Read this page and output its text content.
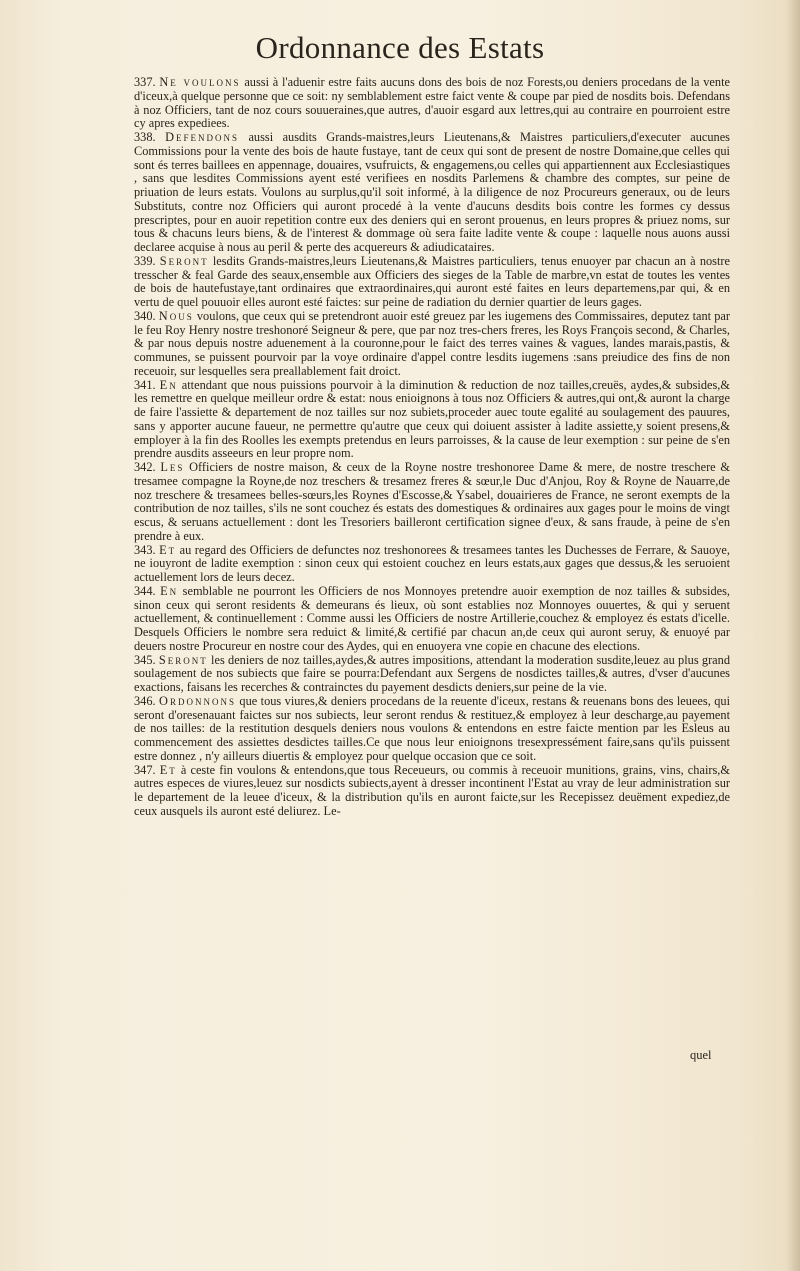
Ordonnance des Estats

337. Ne voulons aussi à l'aduenir estre faits aucuns dons des bois de noz Forests,ou deniers procedans de la vente d'iceux,à quelque personne que ce soit: ny semblablement estre faict vente & coupe par pied de nosdits bois. Defendans à noz Officiers, tant de noz cours souueraines,que autres, d'auoir esgard aux lettres,qui au contraire en pourroient estre cy apres expediees.

338. Defendons aussi ausdits Grands-maistres,leurs Lieutenans,& Maistres particuliers,d'executer aucunes Commissions pour la vente des bois de haute fustaye, tant de ceux qui sont de present de nostre Domaine,que celles qui sont és terres baillees en appennage, douaires, vsufruicts, & engagemens,ou celles qui appartiennent aux Ecclesiastiques , sans que lesdites Commissions ayent esté verifiees en nosdits Parlemens & chambre des comptes, sur peine de priuation de leurs estats. Voulons au surplus,qu'il soit informé, à la diligence de noz Procureurs generaux, ou de leurs Substituts, contre noz Officiers qui auront procedé à la vente d'aucuns desdits bois contre les formes cy dessus prescriptes, pour en auoir repetition contre eux des deniers qui en seront prouenus, en leurs propres & priuez noms, sur tous & chacuns leurs biens, & de l'interest & dommage où sera faite ladite vente & coupe : laquelle nous auons aussi declaree acquise à nous au peril & perte des acquereurs & adiudicataires.

339. Seront lesdits Grands-maistres,leurs Lieutenans,& Maistres particuliers, tenus enuoyer par chacun an à nostre tresscher & feal Garde des seaux,ensemble aux Officiers des sieges de la Table de marbre,vn estat de toutes les ventes de bois de hautefustaye,tant ordinaires que extraordinaires,qui auront esté faites en leurs departemens,par qui, & en vertu de quel pouuoir elles auront esté faictes: sur peine de radiation du dernier quartier de leurs gages.

340. Nous voulons, que ceux qui se pretendront auoir esté greuez par les iugemens des Commissaires, deputez tant par le feu Roy Henry nostre treshonoré Seigneur & pere, que par noz tres-chers freres, les Roys François second, & Charles, & par nous depuis nostre aduenement à la couronne,pour le faict des terres vaines & vagues, landes marais,pastis, & communes, se puissent pourvoir par la voye ordinaire d'appel contre lesdits iugemens :sans preiudice des fins de non receuoir, sur lesquelles sera preallablement fait droict.

341. En attendant que nous puissions pourvoir à la diminution & reduction de noz tailles,creuës, aydes,& subsides,& les remettre en quelque meilleur ordre & estat: nous enioignons à tous noz Officiers & autres,qui ont,& auront la charge de faire l'assiette & departement de noz tailles sur noz subiets,proceder auec toute egalité au soulagement des pauures, sans y apporter aucune faueur, ne permettre qu'autre que ceux qui doiuent assister à ladite assiette,y soient presens,& employer à la fin des Roolles les exempts pretendus en leurs parroisses, & la cause de leur exemption : sur peine de s'en prendre ausdits asseeurs en leur propre nom.

342. Les Officiers de nostre maison, & ceux de la Royne nostre treshonoree Dame & mere, de nostre treschere & tresamee compagne la Royne,de noz treschers & tresamez freres & sœur,le Duc d'Anjou, Roy & Royne de Nauarre,de noz treschere & tresamees belles-sœurs,les Roynes d'Escosse,& Ysabel, douairieres de France, ne seront exempts de la contribution de noz tailles, s'ils ne sont couchez és estats des domestiques & ordinaires aux gages pour le moins de vingt escus, & seruans actuellement : dont les Tresoriers bailleront certification signee d'eux, & sans fraude, à peine de s'en prendre à eux.

343. Et au regard des Officiers de defunctes noz treshonorees & tresamees tantes les Duchesses de Ferrare, & Sauoye, ne iouyront de ladite exemption : sinon ceux qui estoient couchez en leurs estats,aux gages que dessus,& les seruoient actuellement lors de leurs decez.

344. En semblable ne pourront les Officiers de nos Monnoyes pretendre auoir exemption de noz tailles & subsides, sinon ceux qui seront residents & demeurans és lieux, où sont establies noz Monnoyes ouuertes, & qui y seruent actuellement, & continuellement : Comme aussi les Officiers de nostre Artillerie,couchez & employez és estats d'icelle. Desquels Officiers le nombre sera reduict & limité,& certifié par chacun an,de ceux qui auront seruy, & enuoyé par deuers nostre Procureur en nostre cour des Aydes, qui en enuoyera vne copie en chacune des elections.

345. Seront les deniers de noz tailles,aydes,& autres impositions, attendant la moderation susdite,leuez au plus grand soulagement de nos subiects que faire se pourra:Defendant aux Sergens de nosdictes tailles,& autres, d'vser d'aucunes exactions, faisans les recerches & contrainctes du payement desdicts deniers,sur peine de la vie.

346. Ordonnons que tous viures,& deniers procedans de la reuente d'iceux, restans & reuenans bons des leuees, qui seront d'oresenauant faictes sur nos subiects, leur seront rendus & restituez,& employez à leur descharge,au payement de nos tailles: de la restitution desquels deniers nous voulons & entendons en estre faicte mention par les Esleus au commencement des assiettes desdictes tailles.Ce que nous leur enioignons tresexpressément faire,sans qu'ils puissent estre donnez , n'y ailleurs diuertis & employez pour quelque occasion que ce soit.

347. Et à ceste fin voulons & entendons,que tous Receueurs, ou commis à receuoir munitions, grains, vins, chairs,& autres especes de viures,leuez sur nosdicts subiects,ayent à dresser incontinent l'Estat au vray de leur administration sur le departement de la leuee d'iceux, & la distribution qu'ils en auront faicte,sur les Recepissez deuëment expediez,de ceux ausquels ils auront esté deliurez. Le-

quel
